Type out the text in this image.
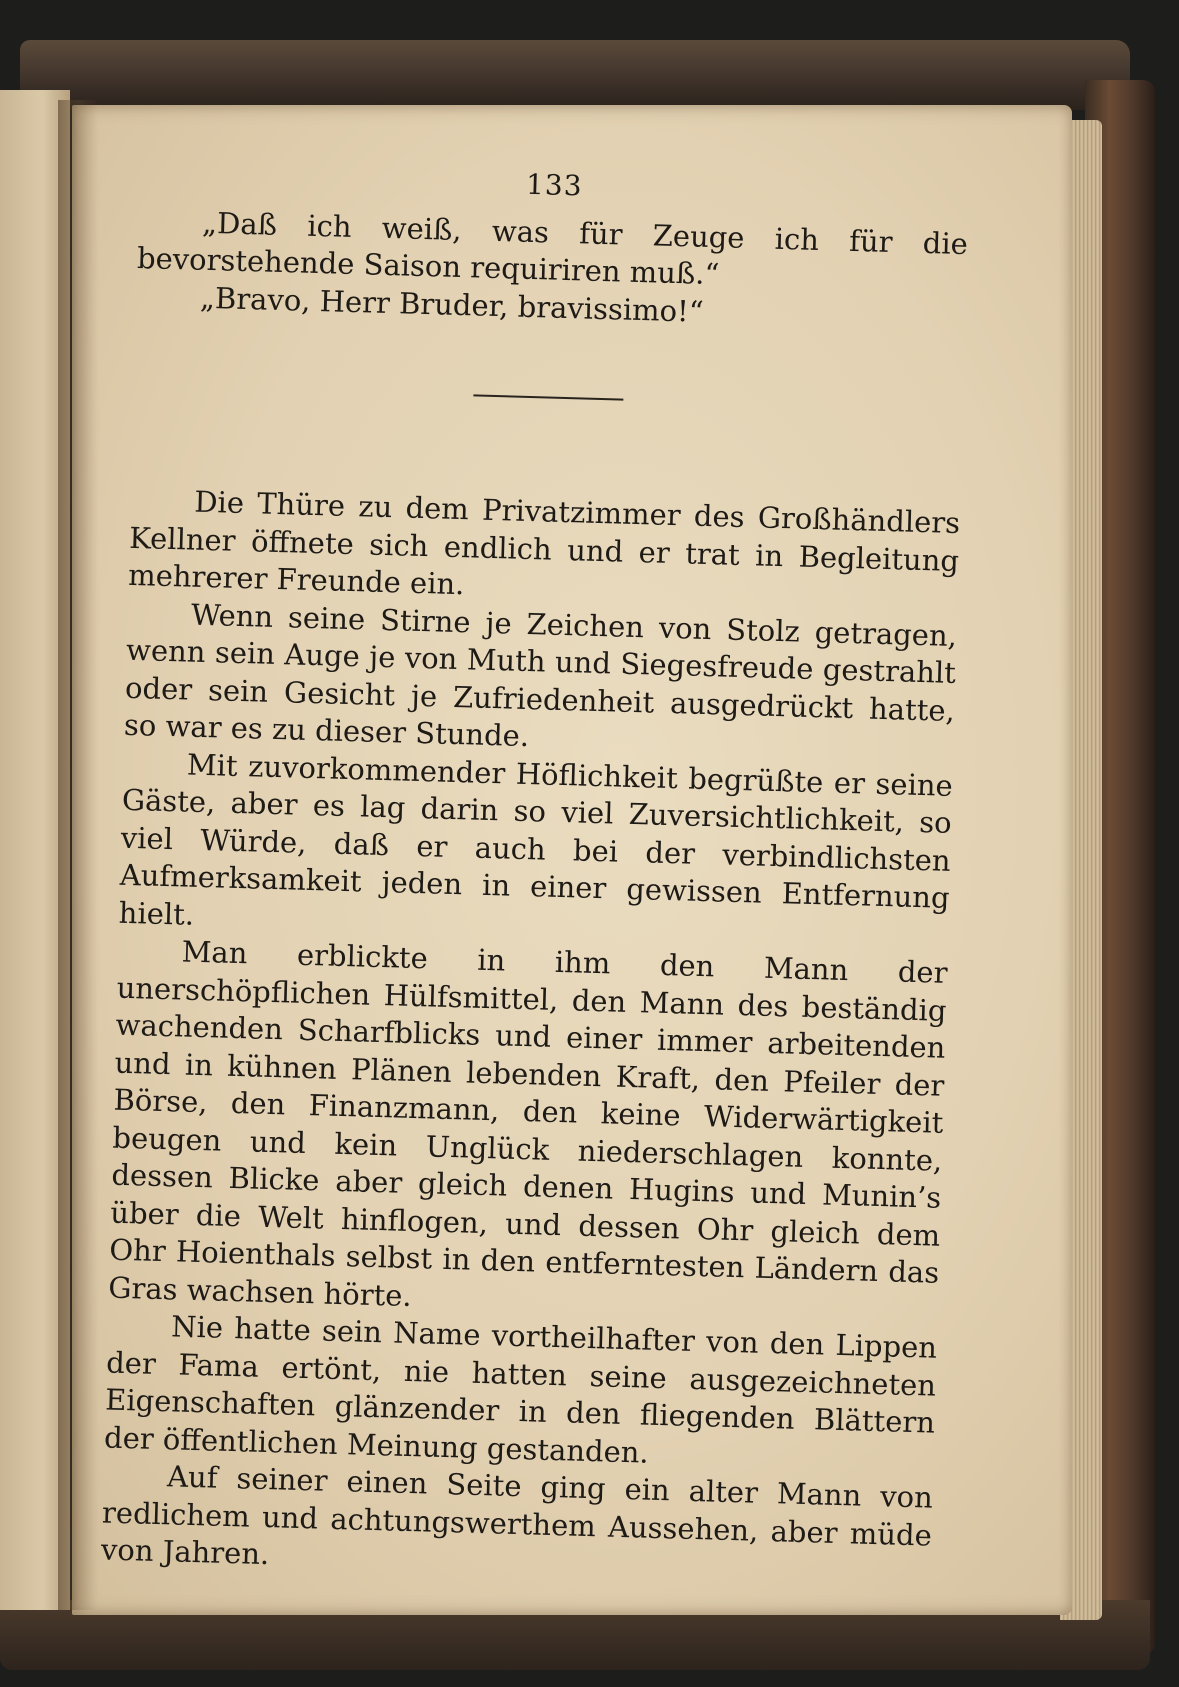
133

„Daß ich weiß, was für Zeuge ich für die bevorstehende Saison requiriren muß.“

„Bravo, Herr Bruder, bravissimo!“

Die Thüre zu dem Privatzimmer des Großhändlers Kellner öffnete sich endlich und er trat in Begleitung mehrerer Freunde ein.

Wenn seine Stirne je Zeichen von Stolz getragen, wenn sein Auge je von Muth und Siegesfreude gestrahlt oder sein Gesicht je Zufriedenheit ausgedrückt hatte, so war es zu dieser Stunde.

Mit zuvorkommender Höflichkeit begrüßte er seine Gäste, aber es lag darin so viel Zuversichtlichkeit, so viel Würde, daß er auch bei der verbindlichsten Aufmerksamkeit jeden in einer gewissen Entfernung hielt.

Man erblickte in ihm den Mann der unerschöpflichen Hülfsmittel, den Mann des beständig wachenden Scharfblicks und einer immer arbeitenden und in kühnen Plänen lebenden Kraft, den Pfeiler der Börse, den Finanzmann, den keine Widerwärtigkeit beugen und kein Unglück niederschlagen konnte, dessen Blicke aber gleich denen Hugins und Munin’s über die Welt hinflogen, und dessen Ohr gleich dem Ohr Hoienthals selbst in den entferntesten Ländern das Gras wachsen hörte.

Nie hatte sein Name vortheilhafter von den Lippen der Fama ertönt, nie hatten seine ausgezeichneten Eigenschaften glänzender in den fliegenden Blättern der öffentlichen Meinung gestanden.

Auf seiner einen Seite ging ein alter Mann von redlichem und achtungswerthem Aussehen, aber müde von Jahren.
